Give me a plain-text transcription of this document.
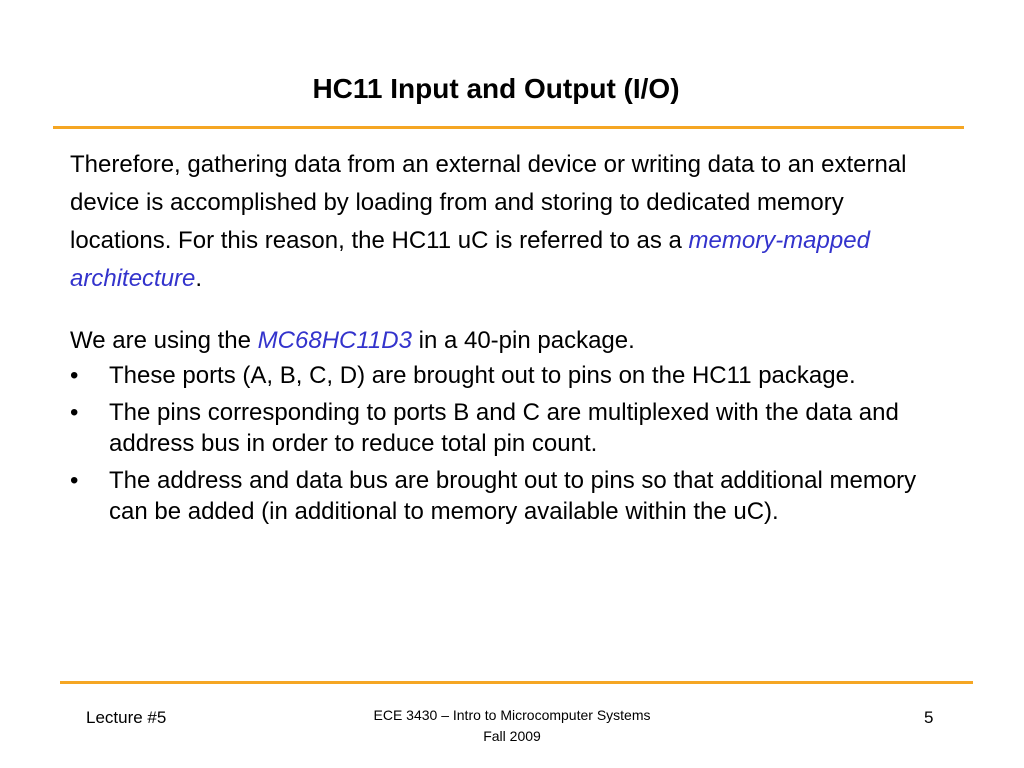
HC11 Input and Output (I/O)

Therefore, gathering data from an external device or writing data to an external device is accomplished by loading from and storing to dedicated memory locations. For this reason, the HC11 uC is referred to as a memory-mapped architecture.

We are using the MC68HC11D3 in a 40-pin package.

• These ports (A, B, C, D) are brought out to pins on the HC11 package.
• The pins corresponding to ports B and C are multiplexed with the data and address bus in order to reduce total pin count.
• The address and data bus are brought out to pins so that additional memory can be added (in additional to memory available within the uC).
Lecture #5	ECE 3430 – Intro to Microcomputer Systems
Fall 2009
5
